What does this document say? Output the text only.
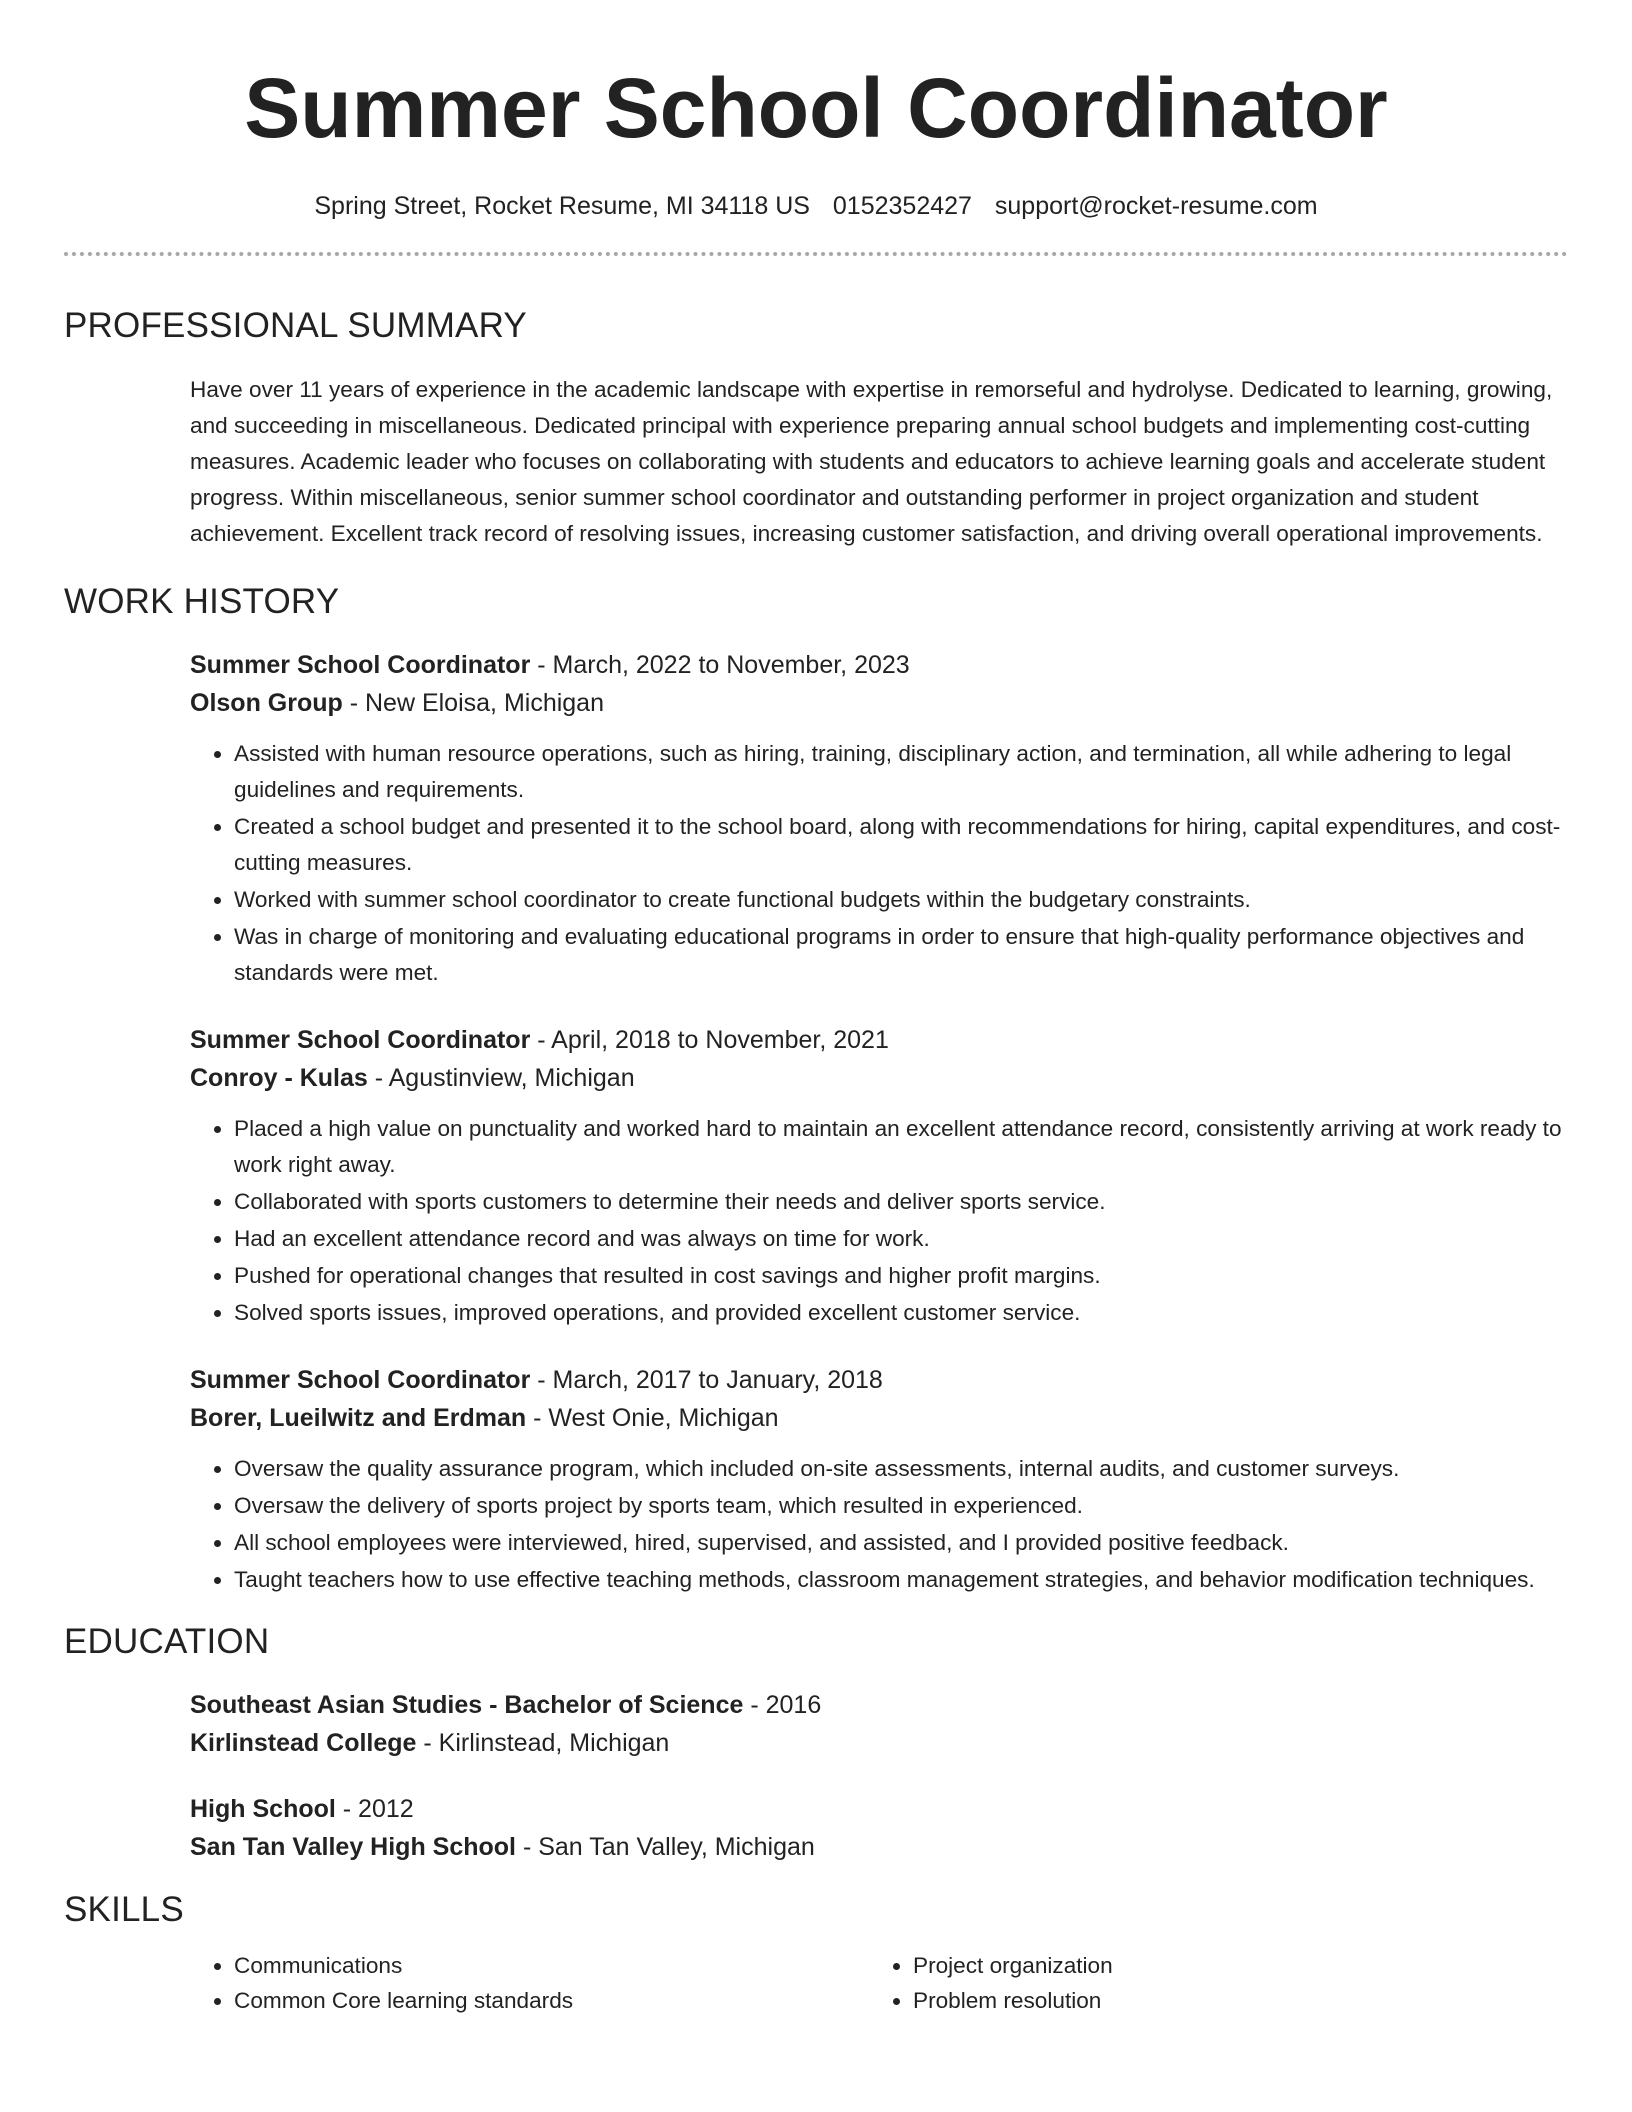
Summer School Coordinator
Spring Street, Rocket Resume, MI 34118 US 0152352427 support@rocket-resume.com
PROFESSIONAL SUMMARY

Have over 11 years of experience in the academic landscape with expertise in remorseful and hydrolyse. Dedicated to learning, growing, and succeeding in miscellaneous. Dedicated principal with experience preparing annual school budgets and implementing cost-cutting measures. Academic leader who focuses on collaborating with students and educators to achieve learning goals and accelerate student progress. Within miscellaneous, senior summer school coordinator and outstanding performer in project organization and student achievement. Excellent track record of resolving issues, increasing customer satisfaction, and driving overall operational improvements.

WORK HISTORY
Summer School Coordinator - March, 2022 to November, 2023
Olson Group - New Eloisa, Michigan
• Assisted with human resource operations, such as hiring, training, disciplinary action, and termination, all while adhering to legal guidelines and requirements.
• Created a school budget and presented it to the school board, along with recommendations for hiring, capital expenditures, and cost-cutting measures.
• Worked with summer school coordinator to create functional budgets within the budgetary constraints.
• Was in charge of monitoring and evaluating educational programs in order to ensure that high-quality performance objectives and standards were met.
Summer School Coordinator - April, 2018 to November, 2021
Conroy - Kulas - Agustinview, Michigan
• Placed a high value on punctuality and worked hard to maintain an excellent attendance record, consistently arriving at work ready to work right away.
• Collaborated with sports customers to determine their needs and deliver sports service.
• Had an excellent attendance record and was always on time for work.
• Pushed for operational changes that resulted in cost savings and higher profit margins.
• Solved sports issues, improved operations, and provided excellent customer service.
Summer School Coordinator - March, 2017 to January, 2018
Borer, Lueilwitz and Erdman - West Onie, Michigan
• Oversaw the quality assurance program, which included on-site assessments, internal audits, and customer surveys.
• Oversaw the delivery of sports project by sports team, which resulted in experienced.
• All school employees were interviewed, hired, supervised, and assisted, and I provided positive feedback.
• Taught teachers how to use effective teaching methods, classroom management strategies, and behavior modification techniques.
EDUCATION
Southeast Asian Studies - Bachelor of Science - 2016
Kirlinstead College - Kirlinstead, Michigan
High School - 2012
San Tan Valley High School - San Tan Valley, Michigan
SKILLS
• Communications
• Common Core learning standards
• Project organization
• Problem resolution
